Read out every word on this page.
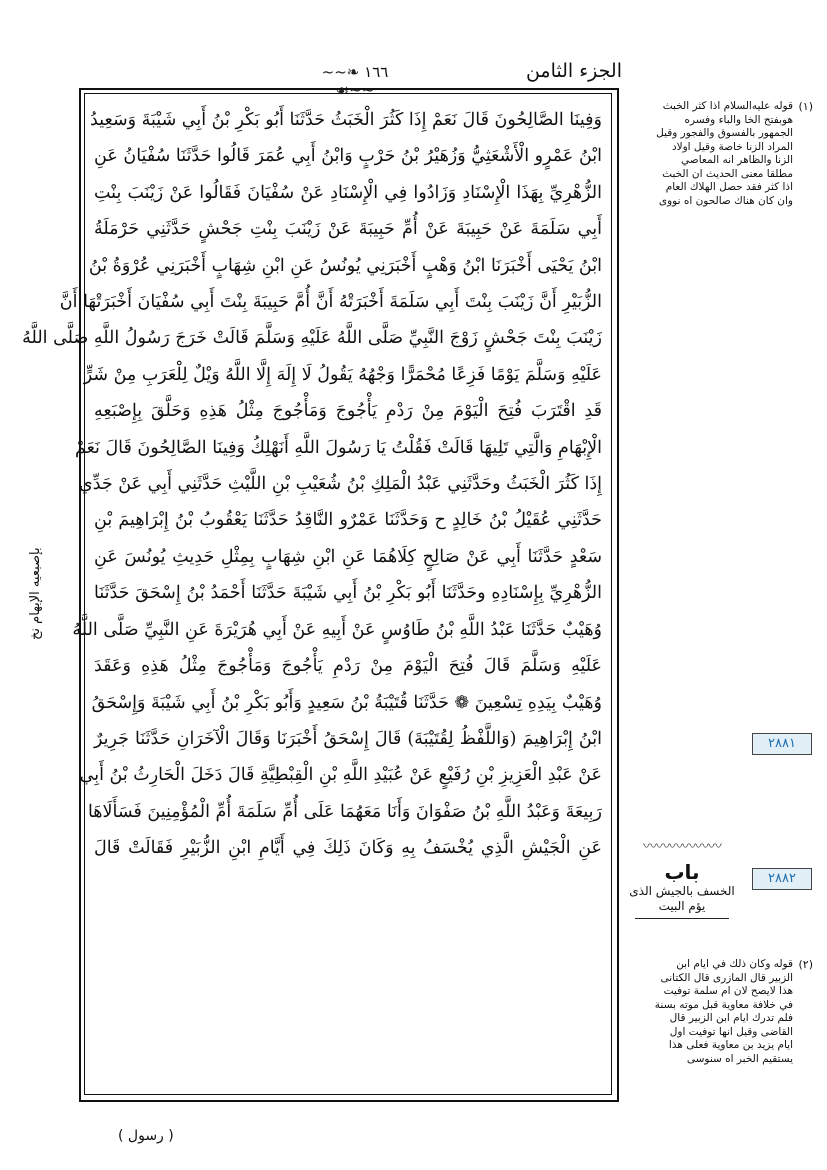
الجزء الثامن
~~❧ ١٦٦ ☙~~
وَفِينَا الصَّالِحُونَ قَالَ نَعَمْ إِذَا كَثُرَ الْخَبَثُ حَدَّثَنَا أَبُو بَكْرِ بْنُ أَبِي شَيْبَةَ وَسَعِيدُ
ابْنُ عَمْرٍو الْأَشْعَثِيُّ وَزُهَيْرُ بْنُ حَرْبٍ وَابْنُ أَبِي عُمَرَ قَالُوا حَدَّثَنَا سُفْيَانُ عَنِ
الزُّهْرِيِّ بِهَذَا الْإِسْنَادِ وَزَادُوا فِي الْإِسْنَادِ عَنْ سُفْيَانَ فَقَالُوا عَنْ زَيْنَبَ بِنْتِ
أَبِي سَلَمَةَ عَنْ حَبِيبَةَ عَنْ أُمِّ حَبِيبَةَ عَنْ زَيْنَبَ بِنْتِ جَحْشٍ حَدَّثَنِي حَرْمَلَةُ
ابْنُ يَحْيَى أَخْبَرَنَا ابْنُ وَهْبٍ أَخْبَرَنِي يُونُسُ عَنِ ابْنِ شِهَابٍ أَخْبَرَنِي عُرْوَةُ بْنُ
الزُّبَيْرِ أَنَّ زَيْنَبَ بِنْتَ أَبِي سَلَمَةَ أَخْبَرَتْهُ أَنَّ أُمَّ حَبِيبَةَ بِنْتَ أَبِي سُفْيَانَ أَخْبَرَتْهَا أَنَّ
زَيْنَبَ بِنْتَ جَحْشٍ زَوْجَ النَّبِيِّ صَلَّى اللَّهُ عَلَيْهِ وَسَلَّمَ قَالَتْ خَرَجَ رَسُولُ اللَّهِ صَلَّى اللَّهُ
عَلَيْهِ وَسَلَّمَ يَوْمًا فَزِعًا مُحْمَرًّا وَجْهُهُ يَقُولُ لَا إِلَهَ إِلَّا اللَّهُ وَيْلٌ لِلْعَرَبِ مِنْ شَرٍّ
قَدِ اقْتَرَبَ فُتِحَ الْيَوْمَ مِنْ رَدْمِ يَأْجُوجَ وَمَأْجُوجَ مِثْلُ هَذِهِ وَحَلَّقَ بِإِصْبَعِهِ
الْإِبْهَامِ وَالَّتِي تَلِيهَا قَالَتْ فَقُلْتُ يَا رَسُولَ اللَّهِ أَنَهْلِكُ وَفِينَا الصَّالِحُونَ قَالَ نَعَمْ
إِذَا كَثُرَ الْخَبَثُ وحَدَّثَنِي عَبْدُ الْمَلِكِ بْنُ شُعَيْبِ بْنِ اللَّيْثِ حَدَّثَنِي أَبِي عَنْ جَدِّي
حَدَّثَنِي عُقَيْلُ بْنُ خَالِدٍ ح وَحَدَّثَنَا عَمْرٌو النَّاقِدُ حَدَّثَنَا يَعْقُوبُ بْنُ إِبْرَاهِيمَ بْنِ
سَعْدٍ حَدَّثَنَا أَبِي عَنْ صَالِحٍ كِلَاهُمَا عَنِ ابْنِ شِهَابٍ بِمِثْلِ حَدِيثِ يُونُسَ عَنِ
الزُّهْرِيِّ بِإِسْنَادِهِ وحَدَّثَنَا أَبُو بَكْرِ بْنُ أَبِي شَيْبَةَ حَدَّثَنَا أَحْمَدُ بْنُ إِسْحَقَ حَدَّثَنَا
وُهَيْبٌ حَدَّثَنَا عَبْدُ اللَّهِ بْنُ طَاوُسٍ عَنْ أَبِيهِ عَنْ أَبِي هُرَيْرَةَ عَنِ النَّبِيِّ صَلَّى اللَّهُ
عَلَيْهِ وَسَلَّمَ قَالَ فُتِحَ الْيَوْمَ مِنْ رَدْمِ يَأْجُوجَ وَمَأْجُوجَ مِثْلُ هَذِهِ وَعَقَدَ
وُهَيْبٌ بِيَدِهِ تِسْعِينَ ❁ حَدَّثَنَا قُتَيْبَةُ بْنُ سَعِيدٍ وَأَبُو بَكْرِ بْنُ أَبِي شَيْبَةَ وَإِسْحَقُ
ابْنُ إِبْرَاهِيمَ (وَاللَّفْظُ لِقُتَيْبَةَ) قَالَ إِسْحَقُ أَخْبَرَنَا وَقَالَ الْآخَرَانِ حَدَّثَنَا جَرِيرٌ
عَنْ عَبْدِ الْعَزِيزِ بْنِ رُفَيْعٍ عَنْ عُبَيْدِ اللَّهِ بْنِ الْقِبْطِيَّةِ قَالَ دَخَلَ الْحَارِثُ بْنُ أَبِي
رَبِيعَةَ وَعَبْدُ اللَّهِ بْنُ صَفْوَانَ وَأَنَا مَعَهُمَا عَلَى أُمِّ سَلَمَةَ أُمِّ الْمُؤْمِنِينَ فَسَأَلَاهَا
عَنِ الْجَيْشِ الَّذِي يُخْسَفُ بِهِ وَكَانَ ذَلِكَ فِي أَيَّامِ ابْنِ الزُّبَيْرِ فَقَالَتْ قَالَ
بإصبعيه الإبهام نخ
(١)
قوله عليه‌السلام اذا كثر الخبث هوبفتح الخا والباء وفسره الجمهور بالفسوق والفجور وقيل المراد الزنا خاصة وقيل اولاد الزنا والظاهر انه المعاصي مطلقا معنى الحديث ان الخبث اذا كثر فقد حصل الهلاك العام وان كان هناك صالحون اه نووى
٢٨٨١
〰〰〰〰〰〰
باب
الخسف بالجيش الذى
يؤم البيت
٢٨٨٢
(٢)
قوله وكان ذلك في ايام ابن الزبير قال المازرى قال الكتانى هذا لايصح لان ام سلمة توفيت في خلافة معاوية قبل موته بسنة فلم تدرك ايام ابن الزبير قال القاضى وقيل انها توفيت اول ايام يزيد بن معاوية فعلى هذا يستقيم الخبر اه سنوسى
( رسول )
